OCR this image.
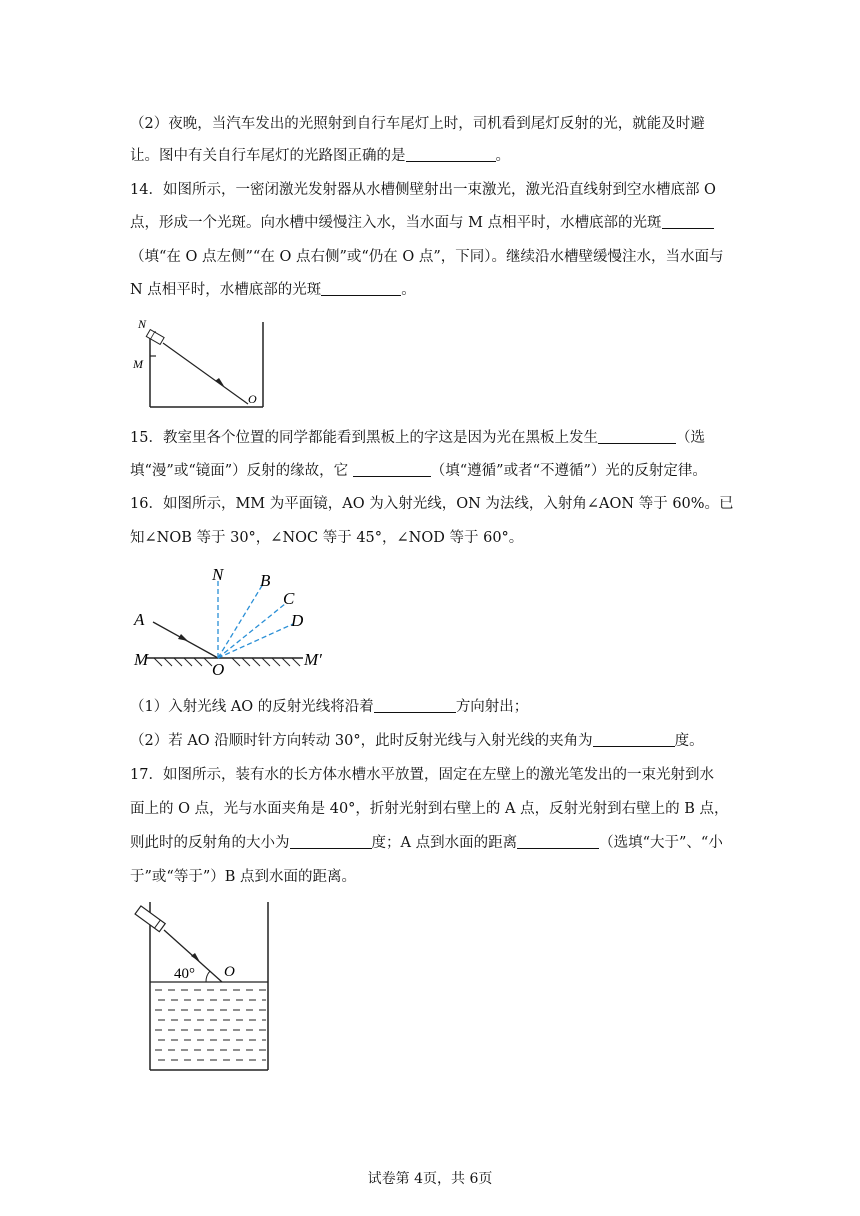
（2）夜晚，当汽车发出的光照射到自行车尾灯上时，司机看到尾灯反射的光，就能及时避
让。图中有关自行车尾灯的光路图正确的是	。
14．如图所示，一密闭激光发射器从水槽侧壁射出一束激光，激光沿直线射到空水槽底部 O
点，形成一个光斑。向水槽中缓慢注入水，当水面与 M 点相平时，水槽底部的光斑
（填“在 O 点左侧”“在 O 点右侧”或“仍在 O 点”，下同）。继续沿水槽壁缓慢注水，当水面与
N 点相平时，水槽底部的光斑	。
N
M
O
15．教室里各个位置的同学都能看到黑板上的字这是因为光在黑板上发生	（选
填“漫”或“镜面”）反射的缘故，它	（填“遵循”或者“不遵循”）光的反射定律。
16．如图所示，MM 为平面镜，AO 为入射光线，ON 为法线，入射角∠AON 等于 60%。已
知∠NOB 等于 30°，∠NOC 等于 45°，∠NOD 等于 60°。
N B
C
D
A
M
O
M′
（1）入射光线 AO 的反射光线将沿着	方向射出；
（2）若 AO 沿顺时针方向转动 30°，此时反射光线与入射光线的夹角为	度。
17．如图所示，装有水的长方体水槽水平放置，固定在左壁上的激光笔发出的一束光射到水
面上的 O 点，光与水面夹角是 40°，折射光射到右壁上的 A 点，反射光射到右壁上的 B 点，
则此时的反射角的大小为	度；A 点到水面的距离	（选填“大于”、“小
于”或“等于”）B 点到水面的距离。
40° O
试卷第 4页，共 6页
